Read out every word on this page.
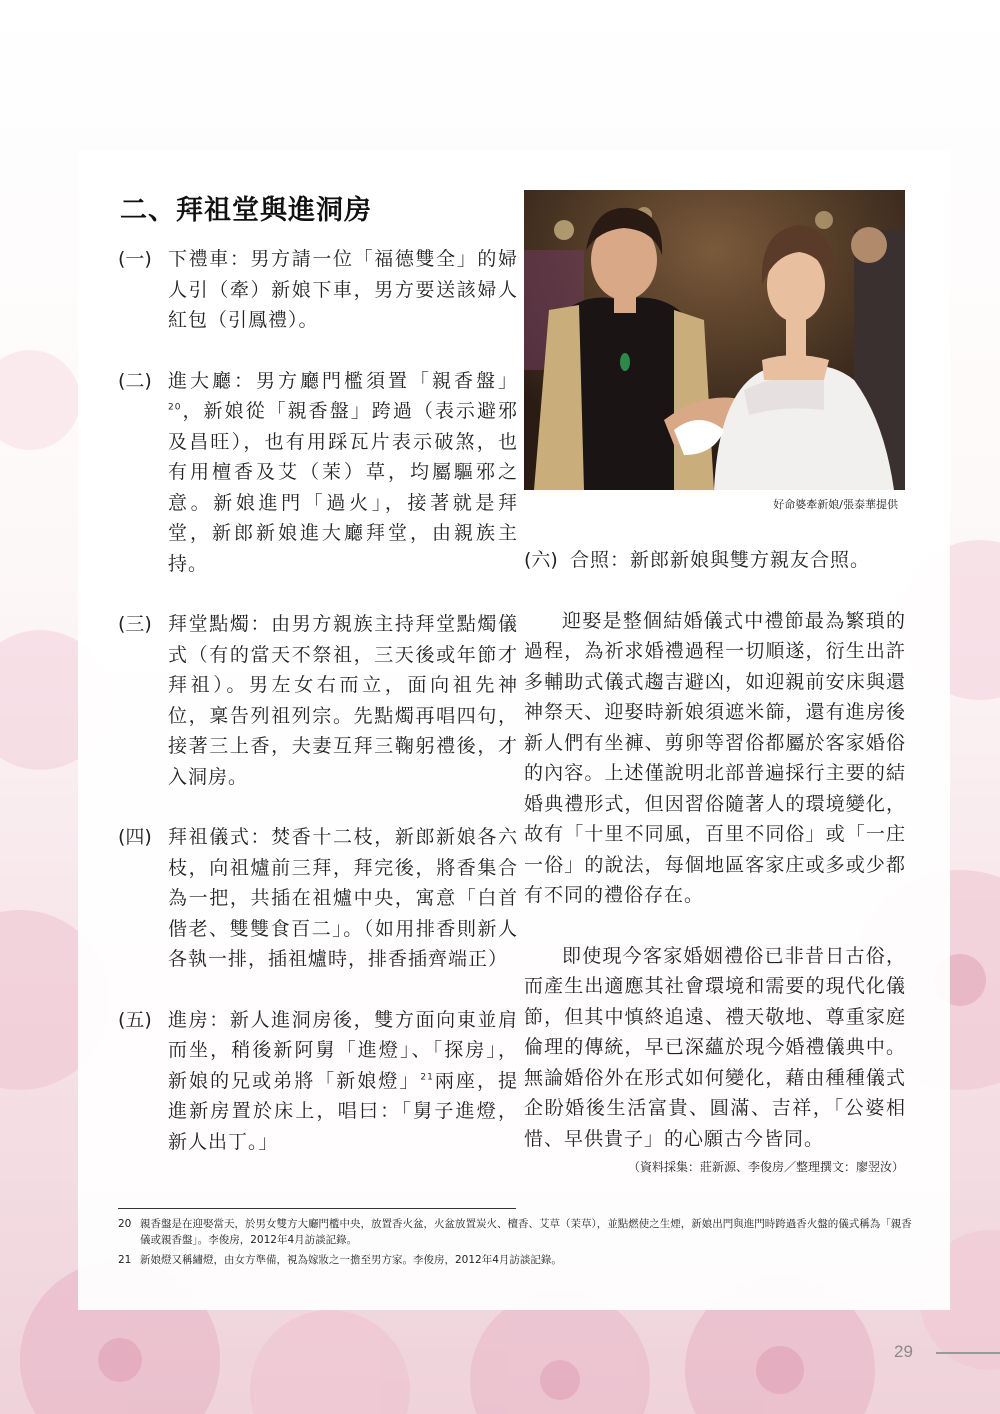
二、拜祖堂與進洞房
(一) 下禮車：男方請一位「福德雙全」的婦人引（牽）新娘下車，男方要送該婦人紅包（引鳳禮）。
(二) 進大廳：男方廳門檻須置「親香盤」$^{20}$，新娘從「親香盤」跨過（表示避邪及昌旺），也有用踩瓦片表示破煞，也有用檀香及艾（茉）草，均屬驅邪之意。新娘進門「過火」，接著就是拜堂，新郎新娘進大廳拜堂，由親族主持。
(三) 拜堂點燭：由男方親族主持拜堂點燭儀式（有的當天不祭祖，三天後或年節才拜祖）。男左女右而立，面向祖先神位，稟告列祖列宗。先點燭再唱四句，接著三上香，夫妻互拜三鞠躬禮後，才入洞房。
(四) 拜祖儀式：焚香十二枝，新郎新娘各六枝，向祖爐前三拜，拜完後，將香集合為一把，共插在祖爐中央，寓意「白首偕老、雙雙食百二」。（如用排香則新人各執一排，插祖爐時，排香插齊端正）
(五) 進房：新人進洞房後，雙方面向東並肩而坐，稍後新阿舅「進燈」、「探房」，新娘的兄或弟將「新娘燈」$^{21}$兩座，提進新房置於床上，唱曰：「舅子進燈，新人出丁。」
好命婆牽新娘/張泰華提供
(六) 合照：新郎新娘與雙方親友合照。

迎娶是整個結婚儀式中禮節最為繁瑣的過程，為祈求婚禮過程一切順遂，衍生出許多輔助式儀式趨吉避凶，如迎親前安床與還神祭天、迎娶時新娘須遮米篩，還有進房後新人們有坐褲、剪卵等習俗都屬於客家婚俗的內容。上述僅說明北部普遍採行主要的結婚典禮形式，但因習俗隨著人的環境變化，故有「十里不同風，百里不同俗」或「一庄一俗」的說法，每個地區客家庄或多或少都有不同的禮俗存在。

即使現今客家婚姻禮俗已非昔日古俗，而產生出適應其社會環境和需要的現代化儀節，但其中慎終追遠、禮天敬地、尊重家庭倫理的傳統，早已深蘊於現今婚禮儀典中。無論婚俗外在形式如何變化，藉由種種儀式企盼婚後生活富貴、圓滿、吉祥，「公婆相惜、早供貴子」的心願古今皆同。

（資料採集：莊新源、李俊房／整理撰文：廖翌汝）
20 親香盤是在迎娶當天，於男女雙方大廳門檻中央，放置香火盆，火盆放置炭火、檀香、艾草（茉草），並點燃使之生煙，新娘出門與進門時跨過香火盤的儀式稱為「親香儀或親香盤」。李俊房，2012年4月訪談記錄。
21 新娘燈又稱繡燈，由女方準備，視為嫁妝之一擔至男方家。李俊房，2012年4月訪談記錄。
29
